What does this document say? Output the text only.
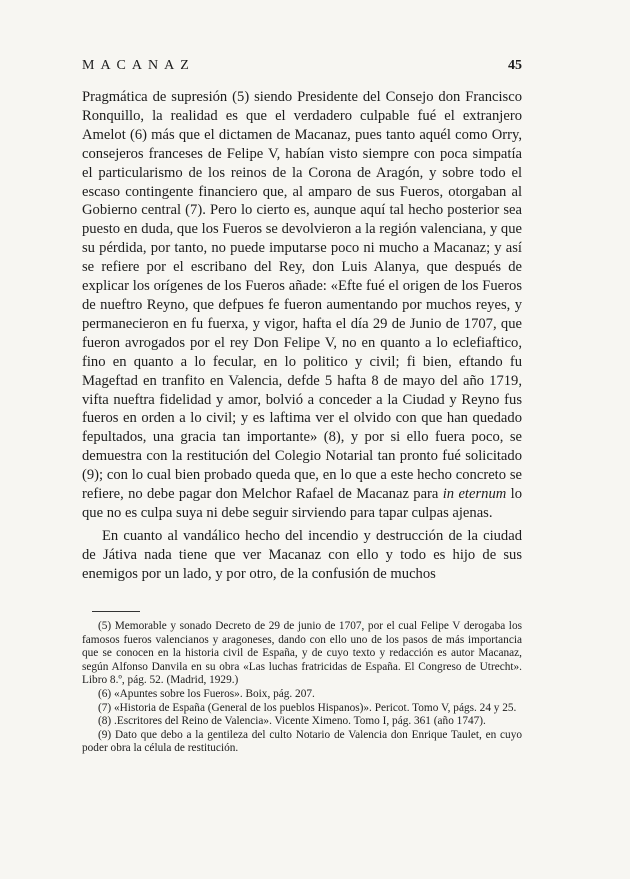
MACANAZ	45

Pragmática de supresión (5) siendo Presidente del Consejo don Francisco Ronquillo, la realidad es que el verdadero culpable fué el extranjero Amelot (6) más que el dictamen de Macanaz, pues tanto aquél como Orry, consejeros franceses de Felipe V, habían visto siempre con poca simpatía el particularismo de los reinos de la Corona de Aragón, y sobre todo el escaso contingente financiero que, al amparo de sus Fueros, otorgaban al Gobierno central (7). Pero lo cierto es, aunque aquí tal hecho posterior sea puesto en duda, que los Fueros se devolvieron a la región valenciana, y que su pérdida, por tanto, no puede imputarse poco ni mucho a Macanaz; y así se refiere por el escribano del Rey, don Luis Alanya, que después de explicar los orígenes de los Fueros añade: «Efte fué el origen de los Fueros de nueftro Reyno, que defpues fe fueron aumentando por muchos reyes, y permanecieron en fu fuerxa, y vigor, hafta el día 29 de Junio de 1707, que fueron avrogados por el rey Don Felipe V, no en quanto a lo eclefiaftico, fino en quanto a lo fecular, en lo politico y civil; fi bien, eftando fu Mageftad en tranfito en Valencia, defde 5 hafta 8 de mayo del año 1719, vifta nueftra fidelidad y amor, bolvió a conceder a la Ciudad y Reyno fus fueros en orden a lo civil; y es laftima ver el olvido con que han quedado fepultados, una gracia tan importante» (8), y por si ello fuera poco, se demuestra con la restitución del Colegio Notarial tan pronto fué solicitado (9); con lo cual bien probado queda que, en lo que a este hecho concreto se refiere, no debe pagar don Melchor Rafael de Macanaz para in eternum lo que no es culpa suya ni debe seguir sirviendo para tapar culpas ajenas.

En cuanto al vandálico hecho del incendio y destrucción de la ciudad de Játiva nada tiene que ver Macanaz con ello y todo es hijo de sus enemigos por un lado, y por otro, de la confusión de muchos

(5) Memorable y sonado Decreto de 29 de junio de 1707, por el cual Felipe V derogaba los famosos fueros valencianos y aragoneses, dando con ello uno de los pasos de más importancia que se conocen en la historia civil de España, y de cuyo texto y redacción es autor Macanaz, según Alfonso Danvila en su obra «Las luchas fratricidas de España. El Congreso de Utrecht». Libro 8.º, pág. 52. (Madrid, 1929.)

(6) «Apuntes sobre los Fueros». Boix, pág. 207.

(7) «Historia de España (General de los pueblos Hispanos)». Pericot. Tomo V, págs. 24 y 25.

(8) .Escritores del Reino de Valencia». Vicente Ximeno. Tomo I, pág. 361 (año 1747).

(9) Dato que debo a la gentileza del culto Notario de Valencia don Enrique Taulet, en cuyo poder obra la célula de restitución.
